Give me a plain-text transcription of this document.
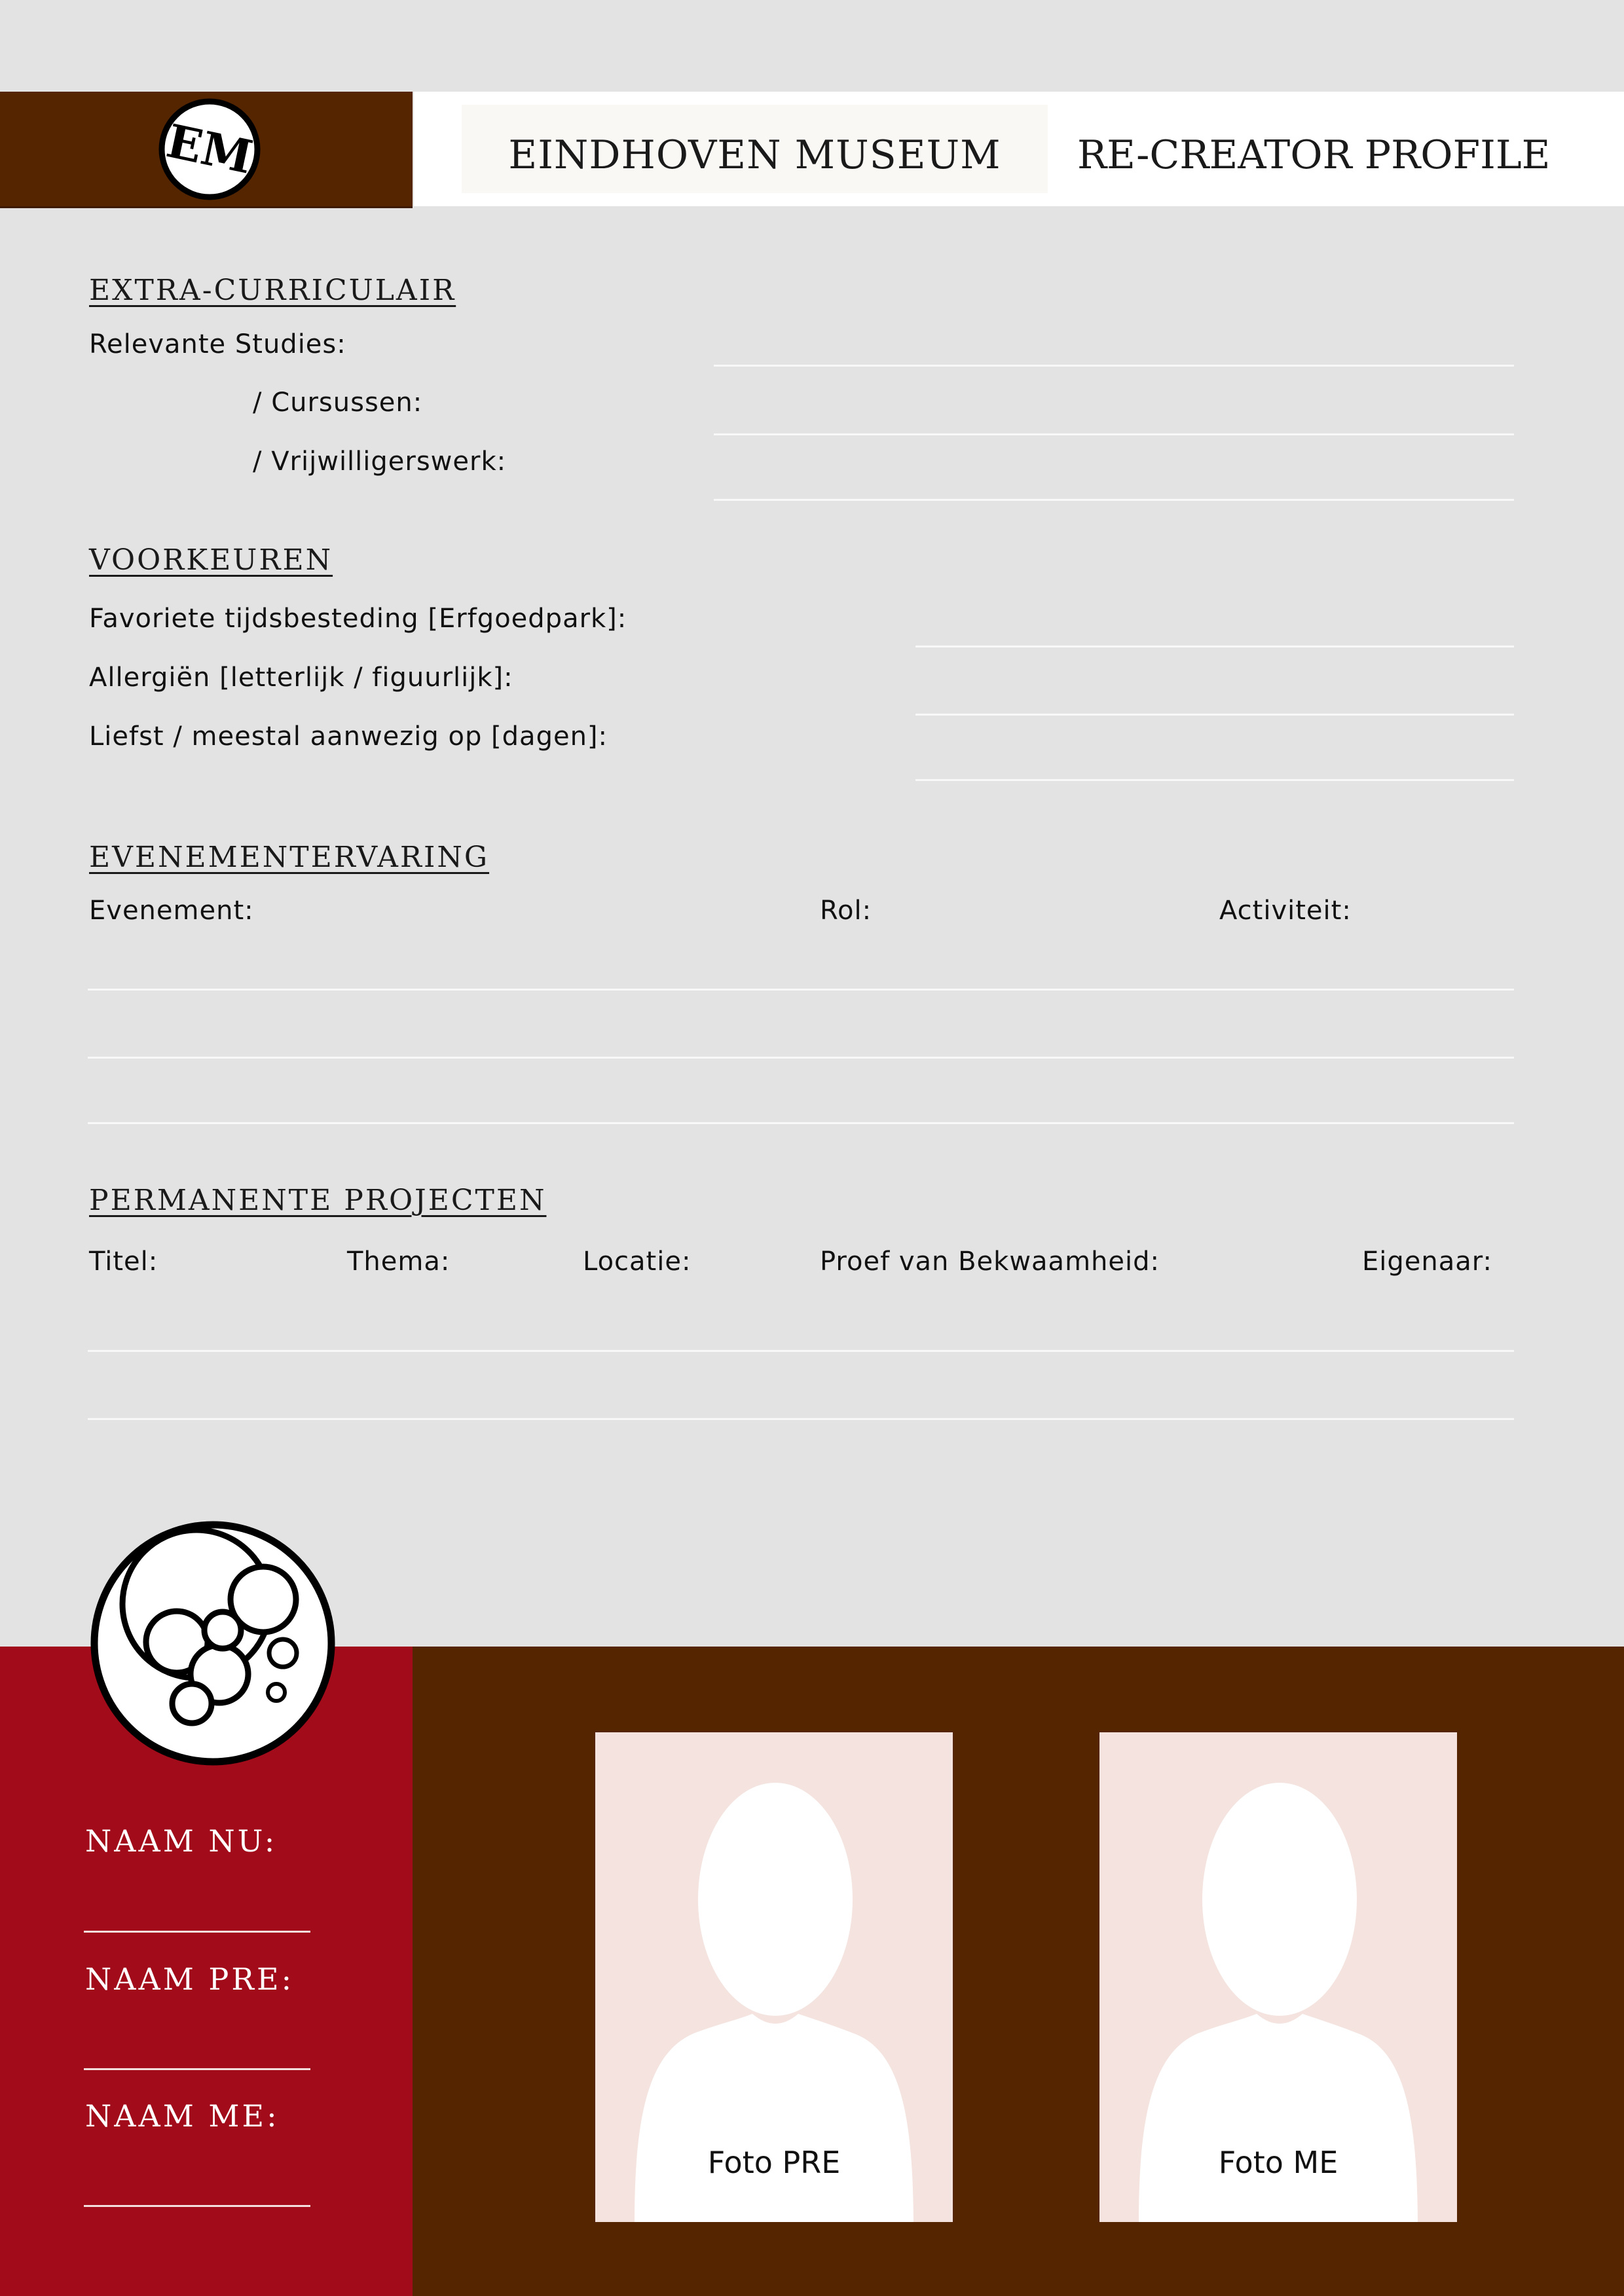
EM	EINDHOVEN MUSEUM	RE-CREATOR PROFILE
EXTRA-CURRICULAIR
Relevante Studies:
/ Cursussen:
/ Vrijwilligerswerk:
VOORKEUREN
Favoriete tijdsbesteding [Erfgoedpark]:
Allergiën [letterlijk / figuurlijk]:
Liefst / meestal aanwezig op [dagen]:
EVENEMENTERVARING
Evenement:	Rol:	Activiteit:
PERMANENTE PROJECTEN
Titel:	Thema:	Locatie:	Proef van Bekwaamheid:	Eigenaar:
NAAM NU:
NAAM PRE:
NAAM ME:
Foto PRE	Foto ME
